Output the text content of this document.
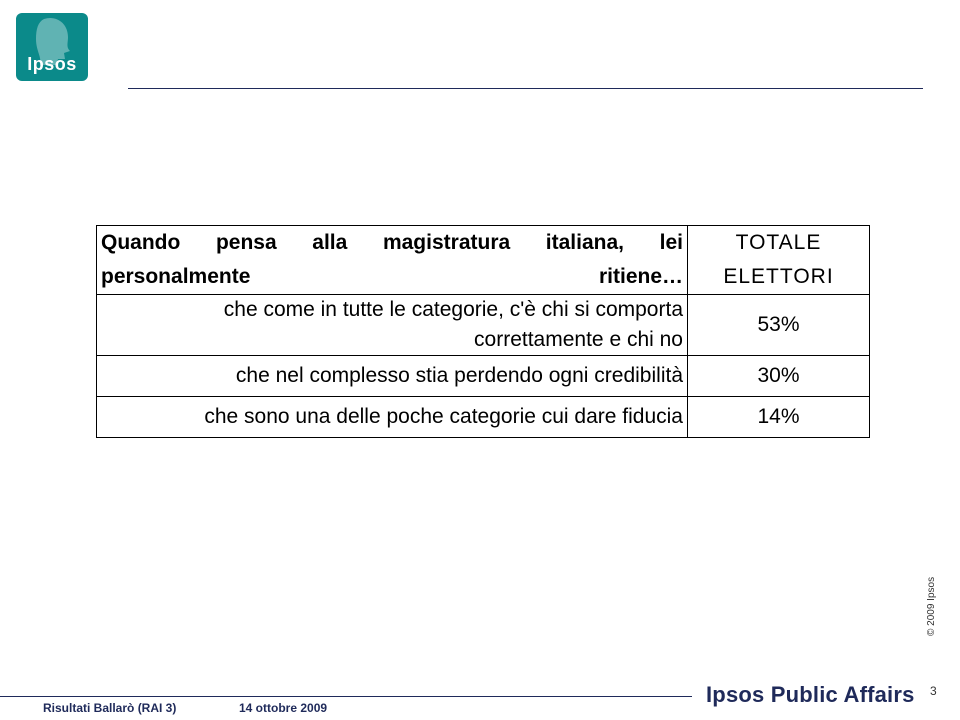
Ipsos
Quando pensa alla magistratura italiana, lei personalmente ritiene…	TOTALE ELETTORI
che come in tutte le categorie, c'è chi si comporta correttamente e chi no	53%
che nel complesso stia perdendo ogni credibilità	30%
che sono una delle poche categorie cui dare fiducia	14%
© 2009 Ipsos
3
Risultati Ballarò (RAI 3)	14 ottobre 2009
Ipsos Public Affairs
